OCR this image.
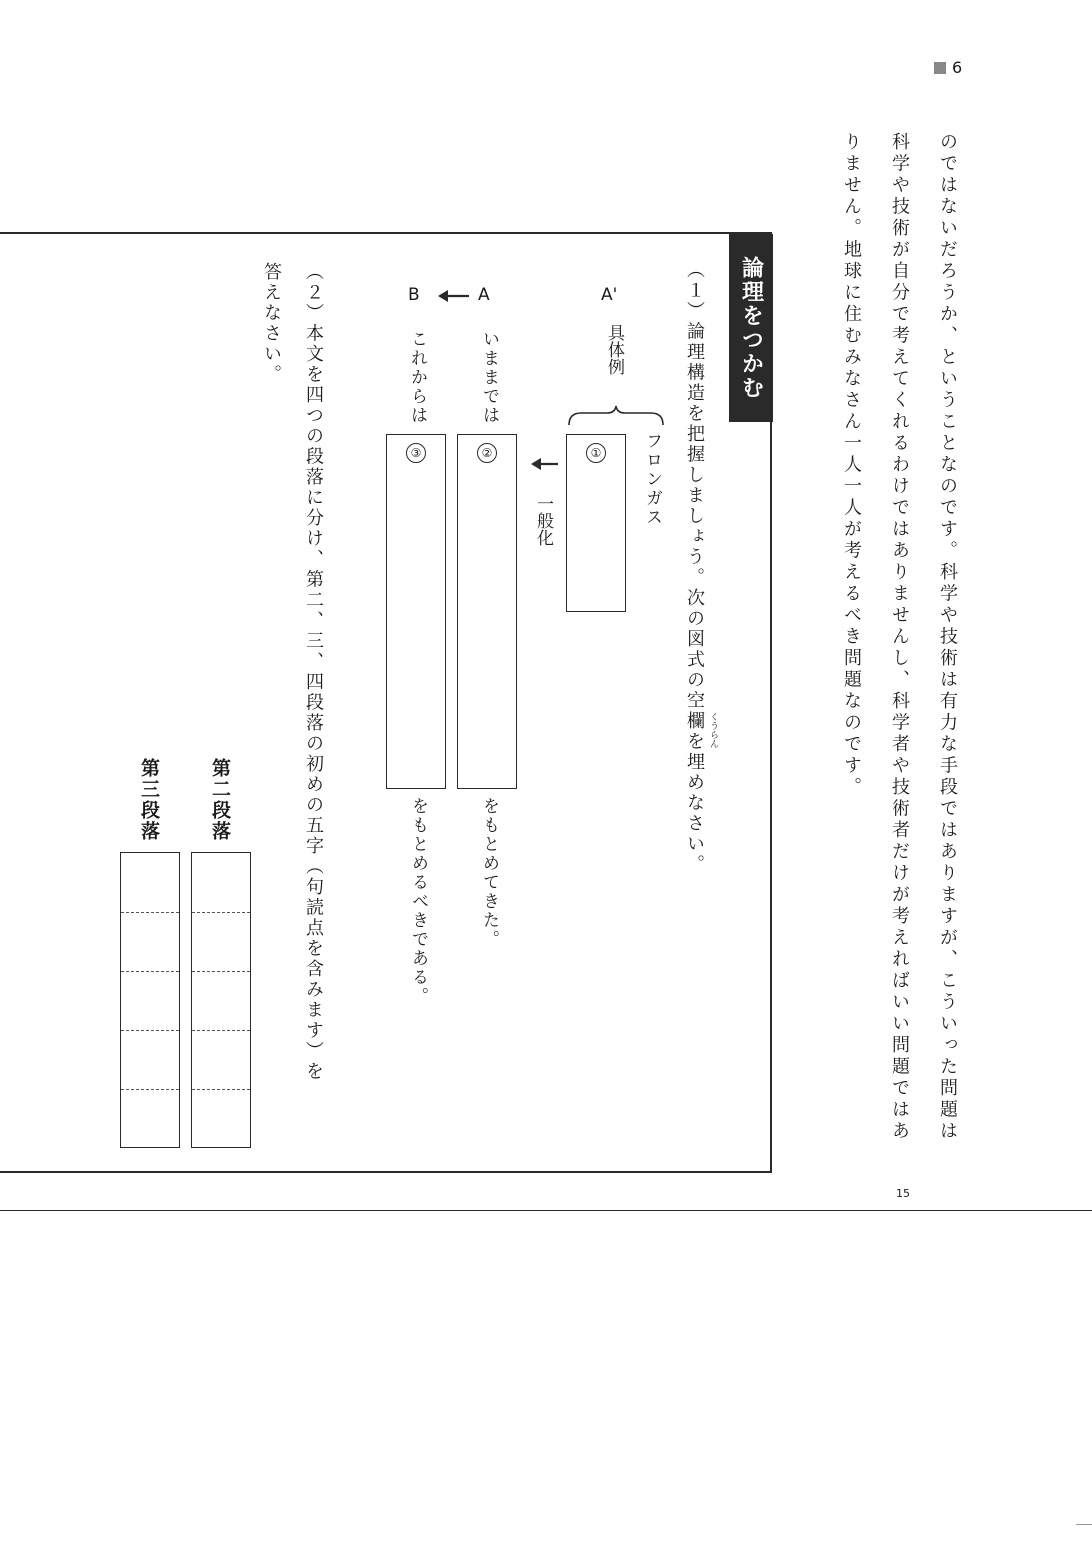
6
のではないだろうか、ということなのです。科学や技術は有力な手段ではありますが、こういった問題は
科学や技術が自分で考えてくれるわけではありませんし、科学者や技術者だけが考えればいい問題ではあ
りません。地球に住むみなさん一人一人が考えるべき問題なのです。
15
論理をつかむ
（１）論理構造を把握しましょう。次の図式の空欄を埋めなさい。 くうらん
A'
具体例
フロンガス
一般化
A
B
いままでは
これからは
①
②
③
をもとめてきた。
をもとめるべきである。
（２）本文を四つの段落に分け、第二、三、四段落の初めの五字（句読点を含みます）を
答えなさい。
第二段落
第三段落
